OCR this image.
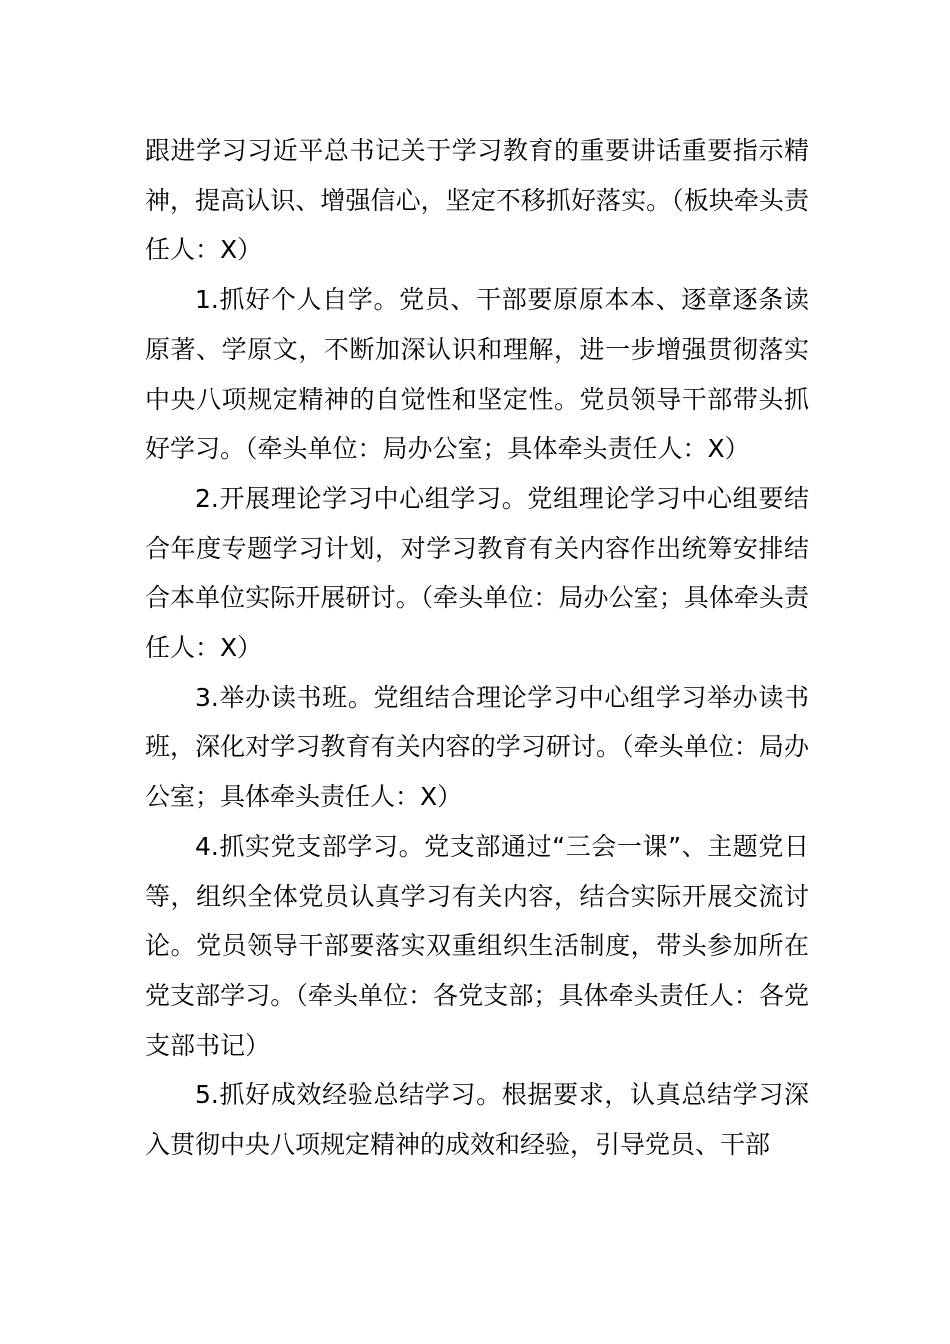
跟进学习习近平总书记关于学习教育的重要讲话重要指示精神，提高认识、增强信心，坚定不移抓好落实。（板块牵头责任人：X）

1.抓好个人自学。党员、干部要原原本本、逐章逐条读原著、学原文，不断加深认识和理解，进一步增强贯彻落实中央八项规定精神的自觉性和坚定性。党员领导干部带头抓好学习。（牵头单位：局办公室；具体牵头责任人：X）

2.开展理论学习中心组学习。党组理论学习中心组要结合年度专题学习计划，对学习教育有关内容作出统筹安排结合本单位实际开展研讨。（牵头单位：局办公室；具体牵头责任人：X）

3.举办读书班。党组结合理论学习中心组学习举办读书班，深化对学习教育有关内容的学习研讨。（牵头单位：局办公室；具体牵头责任人：X）

4.抓实党支部学习。党支部通过“三会一课”、主题党日等，组织全体党员认真学习有关内容，结合实际开展交流讨论。党员领导干部要落实双重组织生活制度，带头参加所在党支部学习。（牵头单位：各党支部；具体牵头责任人：各党支部书记）

5.抓好成效经验总结学习。根据要求，认真总结学习深入贯彻中央八项规定精神的成效和经验，引导党员、干部
